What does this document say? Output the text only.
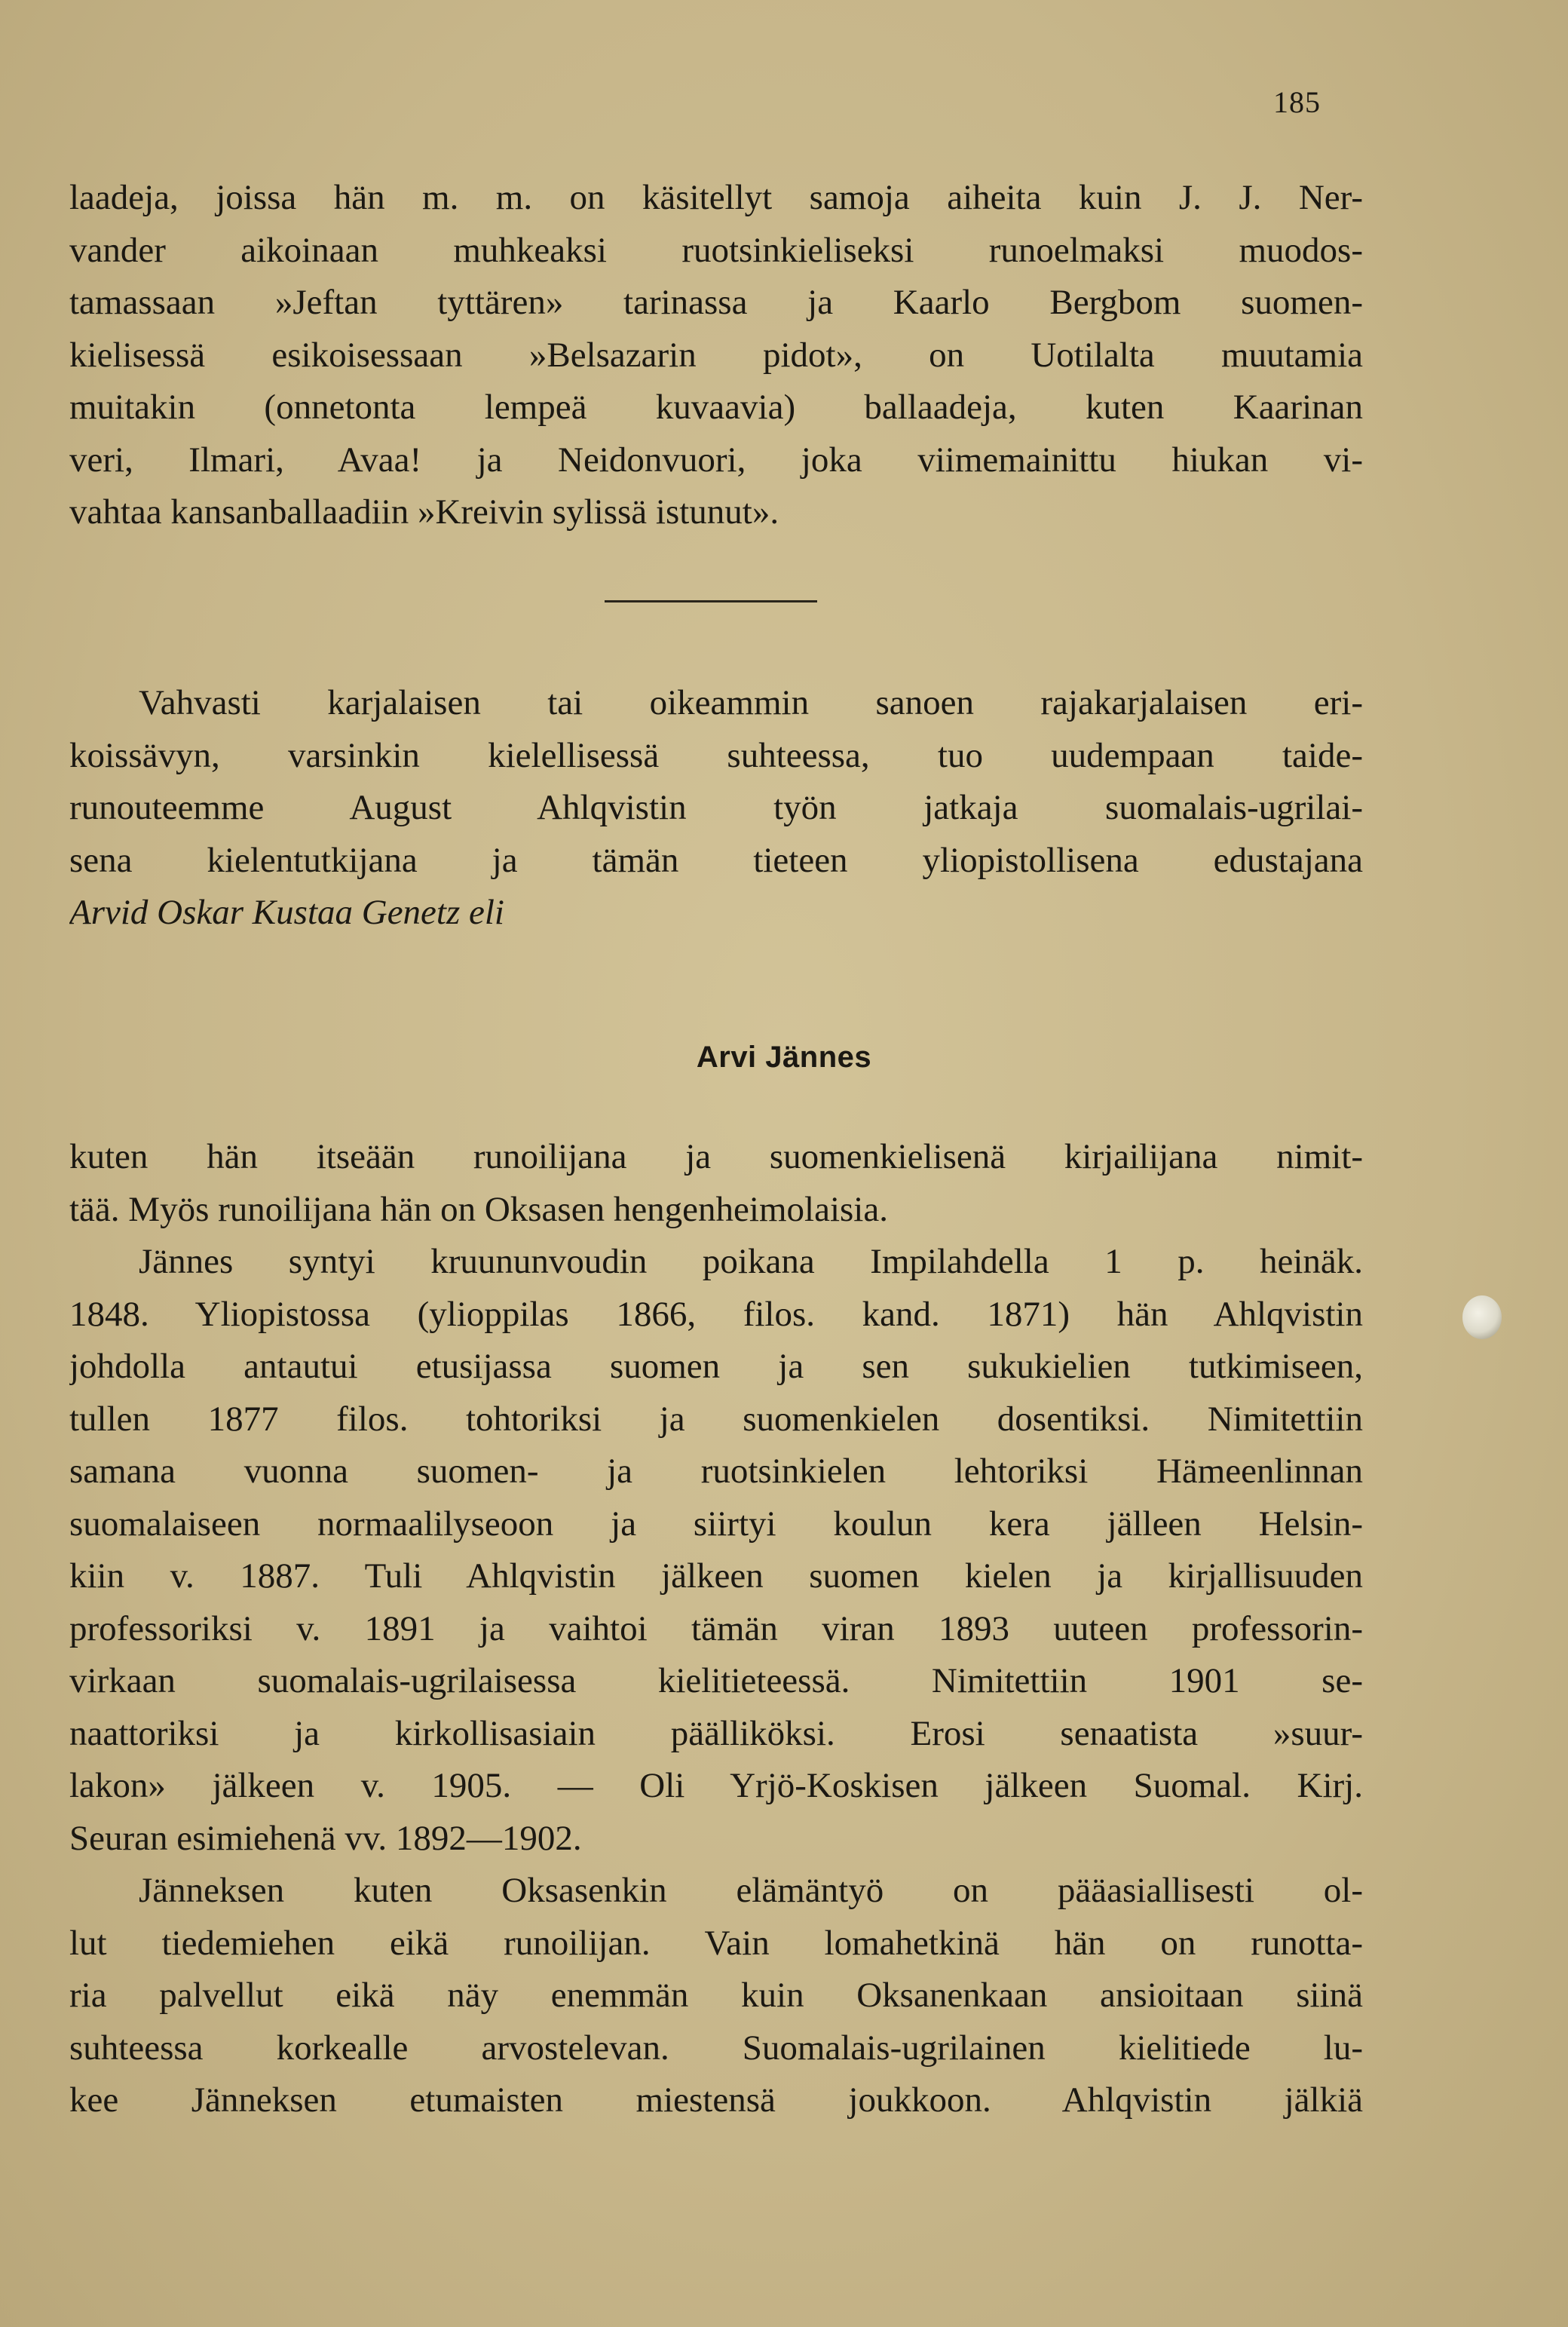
185
laadeja, joissa hän m. m. on käsitellyt samoja aiheita kuin J. J. Ner-
vander aikoinaan muhkeaksi ruotsinkieliseksi runoelmaksi muodos-
tamassaan »Jeftan tyttären» tarinassa ja Kaarlo Bergbom suomen-
kielisessä esikoisessaan »Belsazarin pidot», on Uotilalta muutamia
muitakin (onnetonta lempeä kuvaavia) ballaadeja, kuten Kaarinan
veri, Ilmari, Avaa! ja Neidonvuori, joka viimemainittu hiukan vi-
vahtaa kansanballaadiin »Kreivin sylissä istunut».
Vahvasti karjalaisen tai oikeammin sanoen rajakarjalaisen eri-
koissävyn, varsinkin kielellisessä suhteessa, tuo uudempaan taide-
runouteemme August Ahlqvistin työn jatkaja suomalais-ugrilai-
sena kielentutkijana ja tämän tieteen yliopistollisena edustajana
Arvid Oskar Kustaa Genetz eli
Arvi Jännes
kuten hän itseään runoilijana ja suomenkielisenä kirjailijana nimit-
tää. Myös runoilijana hän on Oksasen hengenheimolaisia.
Jännes syntyi kruununvoudin poikana Impilahdella 1 p. heinäk.
1848. Yliopistossa (ylioppilas 1866, filos. kand. 1871) hän Ahlqvistin
johdolla antautui etusijassa suomen ja sen sukukielien tutkimiseen,
tullen 1877 filos. tohtoriksi ja suomenkielen dosentiksi. Nimitettiin
samana vuonna suomen- ja ruotsinkielen lehtoriksi Hämeenlinnan
suomalaiseen normaalilyseoon ja siirtyi koulun kera jälleen Helsin-
kiin v. 1887. Tuli Ahlqvistin jälkeen suomen kielen ja kirjallisuuden
professoriksi v. 1891 ja vaihtoi tämän viran 1893 uuteen professorin-
virkaan suomalais-ugrilaisessa kielitieteessä. Nimitettiin 1901 se-
naattoriksi ja kirkollisasiain päälliköksi. Erosi senaatista »suur-
lakon» jälkeen v. 1905. — Oli Yrjö-Koskisen jälkeen Suomal. Kirj.
Seuran esimiehenä vv. 1892—1902.
Jänneksen kuten Oksasenkin elämäntyö on pääasiallisesti ol-
lut tiedemiehen eikä runoilijan. Vain lomahetkinä hän on runotta-
ria palvellut eikä näy enemmän kuin Oksanenkaan ansioitaan siinä
suhteessa korkealle arvostelevan. Suomalais-ugrilainen kielitiede lu-
kee Jänneksen etumaisten miestensä joukkoon. Ahlqvistin jälkiä
